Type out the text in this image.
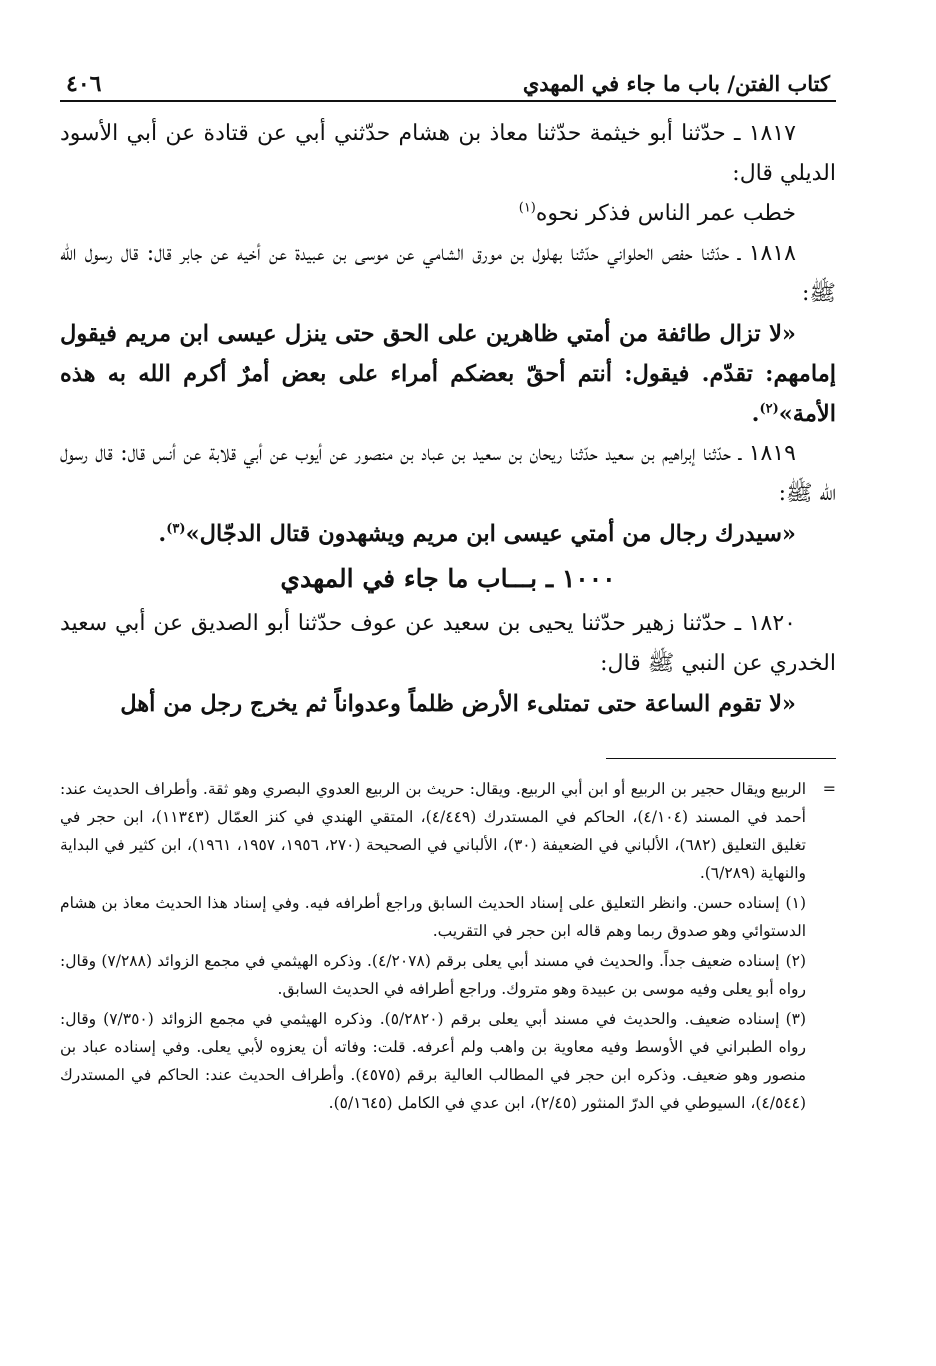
كتاب الفتن/ باب ما جاء في المهدي
٤٠٦

١٨١٧ ـ حدّثنا أبو خيثمة حدّثنا معاذ بن هشام حدّثني أبي عن قتادة عن أبي الأسود الديلي قال:

خطب عمر الناس فذكر نحوه$^{(١)}$

١٨١٨ ـ حدّثنا حفص الحلواني حدّثنا بهلول بن مورق الشامي عن موسى بن عبيدة عن أخيه عن جابر قال: قال رسول الله ﷺ:

«لا تزال طائفة من أمتي ظاهرين على الحق حتى ينزل عيسى ابن مريم فيقول إمامهم: تقدّم. فيقول: أنتم أحقّ بعضكم أمراء على بعض أمرٌ أكرم الله به هذه الأمة»$^{(٢)}$.

١٨١٩ ـ حدّثنا إبراهيم بن سعيد حدّثنا ريحان بن سعيد بن عباد بن منصور عن أيوب عن أبي قلابة عن أنس قال: قال رسول الله ﷺ:

«سيدرك رجال من أمتي عيسى ابن مريم ويشهدون قتال الدجّال»$^{(٣)}$.

١٠٠٠ ـ بـــاب ما جاء في المهدي

١٨٢٠ ـ حدّثنا زهير حدّثنا يحيى بن سعيد عن عوف حدّثنا أبو الصديق عن أبي سعيد الخدري عن النبي ﷺ قال:

«لا تقوم الساعة حتى تمتلىء الأرض ظلماً وعدواناً ثم يخرج رجل من أهل

=
الربيع ويقال حجير بن الربيع أو ابن أبي الربيع. ويقال: حريث بن الربيع العدوي البصري وهو ثقة. وأطراف الحديث عند: أحمد في المسند (٤/١٠٤)، الحاكم في المستدرك (٤/٤٤٩)، المتقي الهندي في كنز العمّال (١١٣٤٣)، ابن حجر في تغليق التعليق (٦٨٢)، الألباني في الضعيفة (٣٠)، الألباني في الصحيحة (٢٧٠، ١٩٥٦، ١٩٥٧، ١٩٦١)، ابن كثير في البداية والنهاية (٦/٢٨٩).

(١)إسناده حسن. وانظر التعليق على إسناد الحديث السابق وراجع أطرافه فيه. وفي إسناد هذا الحديث معاذ بن هشام الدستوائي وهو صدوق ربما وهم قاله ابن حجر في التقريب.

(٢)إسناده ضعيف جداً. والحديث في مسند أبي يعلى برقم (٤/٢٠٧٨). وذكره الهيثمي في مجمع الزوائد (٧/٢٨٨) وقال: رواه أبو يعلى وفيه موسى بن عبيدة وهو متروك. وراجع أطرافه في الحديث السابق.

(٣)إسناده ضعيف. والحديث في مسند أبي يعلى برقم (٥/٢٨٢٠). وذكره الهيثمي في مجمع الزوائد (٧/٣٥٠) وقال: رواه الطبراني في الأوسط وفيه معاوية بن واهب ولم أعرفه. قلت: وفاته أن يعزوه لأبي يعلى. وفي إسناده عباد بن منصور وهو ضعيف. وذكره ابن حجر في المطالب العالية برقم (٤٥٧٥). وأطراف الحديث عند: الحاكم في المستدرك (٤/٥٤٤)، السيوطي في الدرّ المنثور (٢/٤٥)، ابن عدي في الكامل (٥/١٦٤٥).
